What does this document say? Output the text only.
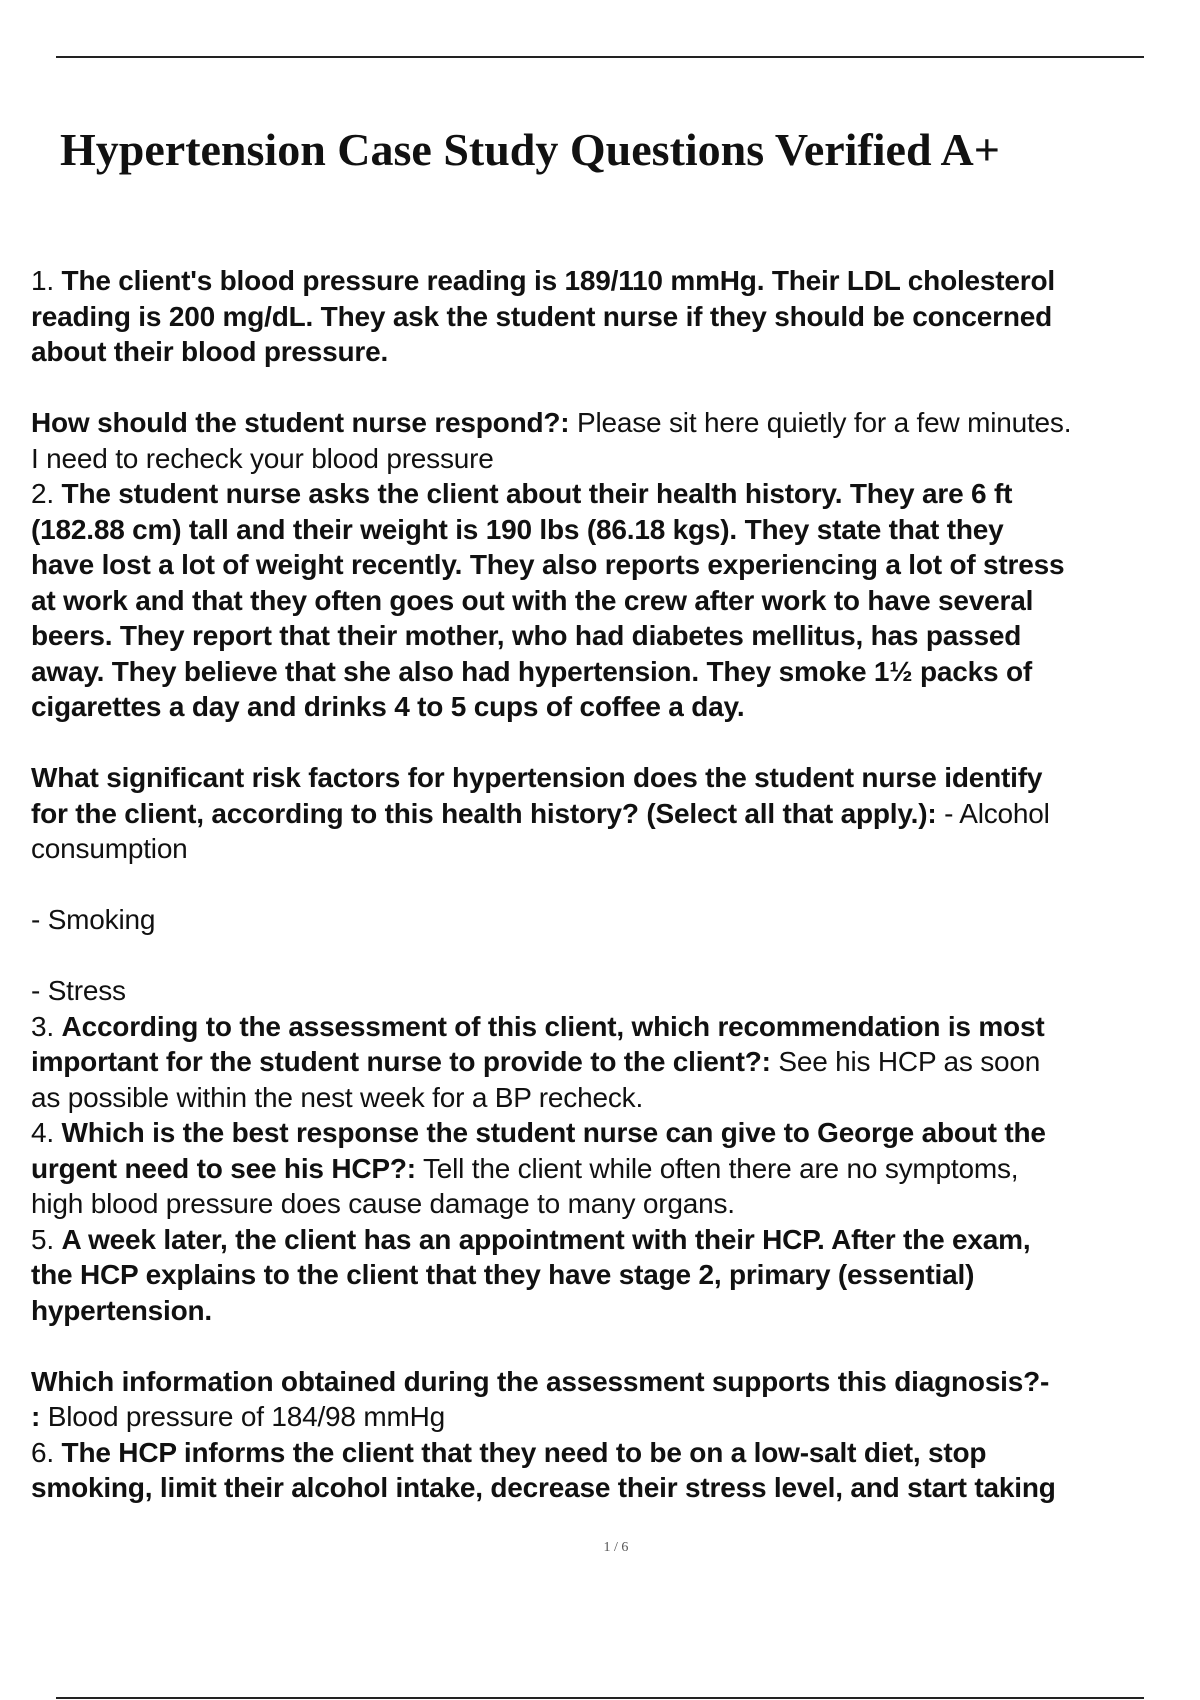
Hypertension Case Study Questions Verified A+

1. The client's blood pressure reading is 189/110 mmHg. Their LDL cholesterol

reading is 200 mg/dL. They ask the student nurse if they should be concerned

about their blood pressure.

How should the student nurse respond?: Please sit here quietly for a few minutes.

I need to recheck your blood pressure

2. The student nurse asks the client about their health history. They are 6 ft

(182.88 cm) tall and their weight is 190 lbs (86.18 kgs). They state that they

have lost a lot of weight recently. They also reports experiencing a lot of stress

at work and that they often goes out with the crew after work to have several

beers. They report that their mother, who had diabetes mellitus, has passed

away. They believe that she also had hypertension. They smoke 1½ packs of

cigarettes a day and drinks 4 to 5 cups of coffee a day.

What significant risk factors for hypertension does the student nurse identify

for the client, according to this health history? (Select all that apply.): - Alcohol

consumption

- Smoking

- Stress

3. According to the assessment of this client, which recommendation is most

important for the student nurse to provide to the client?: See his HCP as soon

as possible within the nest week for a BP recheck.

4. Which is the best response the student nurse can give to George about the

urgent need to see his HCP?: Tell the client while often there are no symptoms,

high blood pressure does cause damage to many organs.

5. A week later, the client has an appointment with their HCP. After the exam,

the HCP explains to the client that they have stage 2, primary (essential)

hypertension.

Which information obtained during the assessment supports this diagnosis?-

: Blood pressure of 184/98 mmHg

6. The HCP informs the client that they need to be on a low-salt diet, stop

smoking, limit their alcohol intake, decrease their stress level, and start taking

1 / 6
